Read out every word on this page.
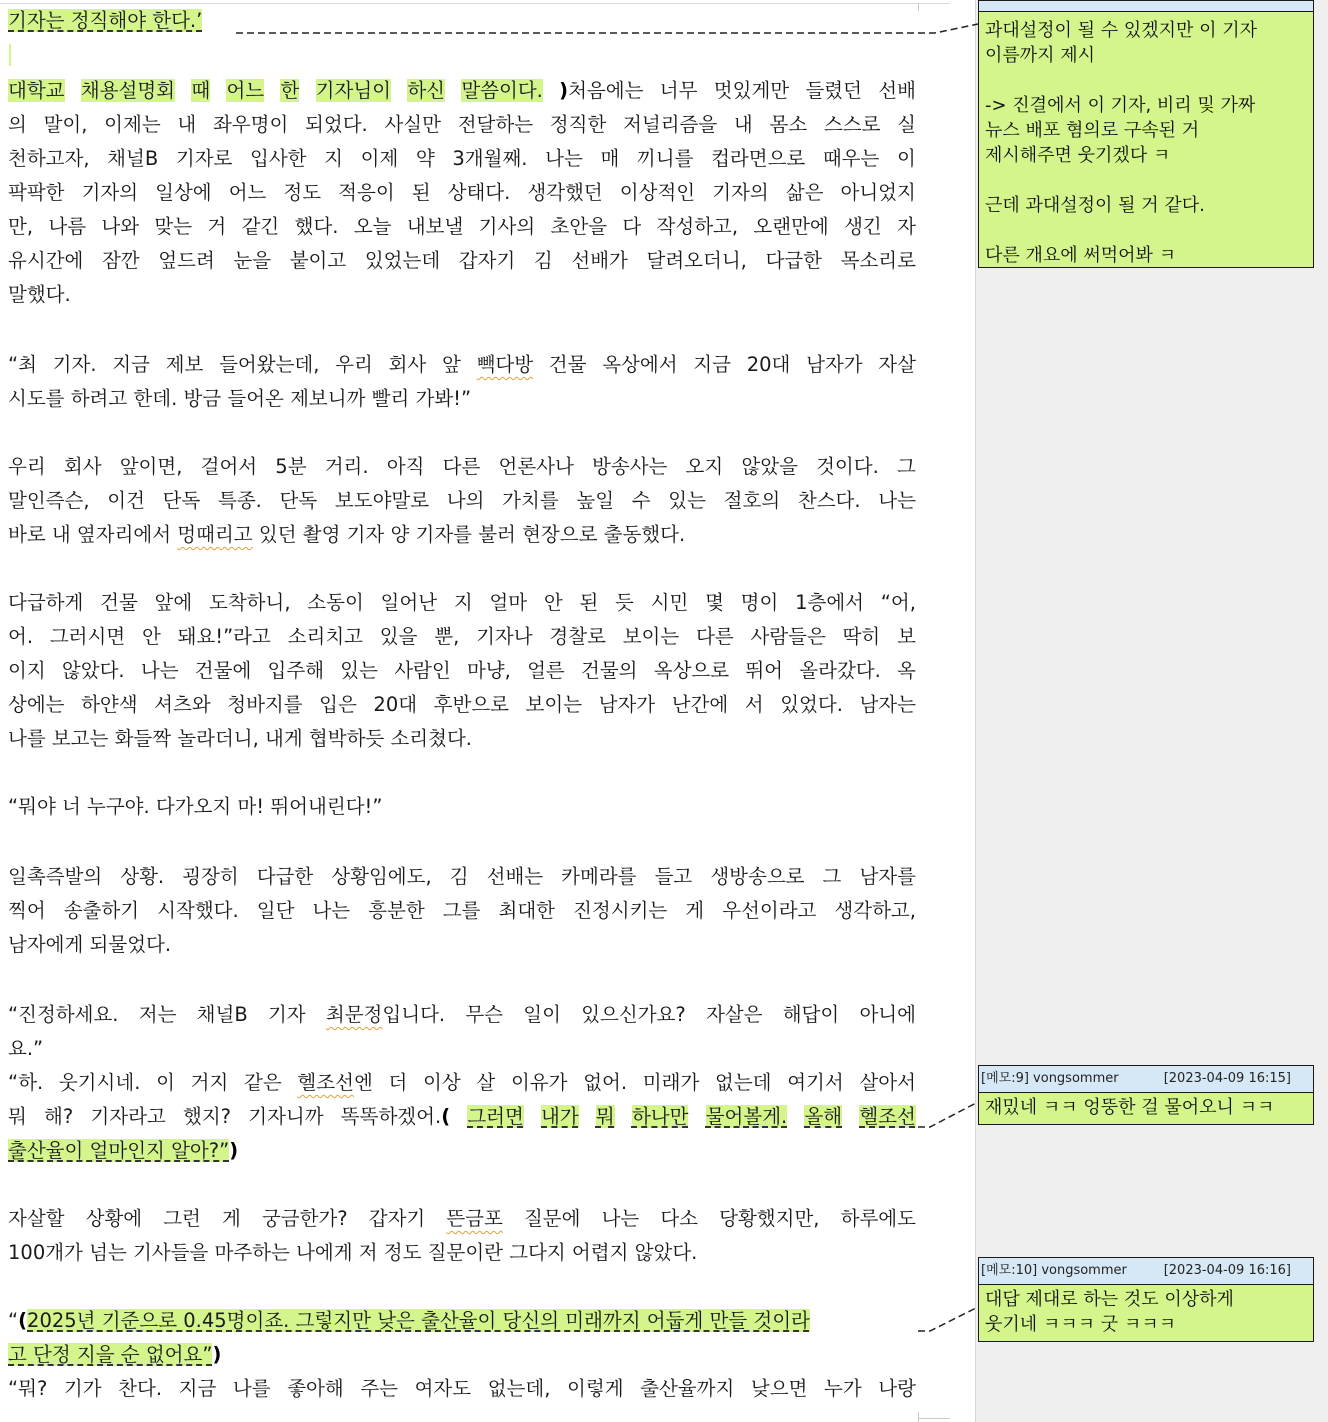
기자는 정직해야 한다.’
대학교 채용설명회 때 어느 한 기자님이 하신 말씀이다. )처음에는 너무 멋있게만 들렸던 선배
의 말이, 이제는 내 좌우명이 되었다. 사실만 전달하는 정직한 저널리즘을 내 몸소 스스로 실
천하고자, 채널B 기자로 입사한 지 이제 약 3개월째. 나는 매 끼니를 컵라면으로 때우는 이
팍팍한 기자의 일상에 어느 정도 적응이 된 상태다. 생각했던 이상적인 기자의 삶은 아니었지
만, 나름 나와 맞는 거 같긴 했다. 오늘 내보낼 기사의 초안을 다 작성하고, 오랜만에 생긴 자
유시간에 잠깐 엎드려 눈을 붙이고 있었는데 갑자기 김 선배가 달려오더니, 다급한 목소리로
말했다.
“최 기자. 지금 제보 들어왔는데, 우리 회사 앞 빽다방 건물 옥상에서 지금 20대 남자가 자살
시도를 하려고 한데. 방금 들어온 제보니까 빨리 가봐!”
우리 회사 앞이면, 걸어서 5분 거리. 아직 다른 언론사나 방송사는 오지 않았을 것이다. 그
말인즉슨, 이건 단독 특종. 단독 보도야말로 나의 가치를 높일 수 있는 절호의 찬스다. 나는
바로 내 옆자리에서 멍때리고 있던 촬영 기자 양 기자를 불러 현장으로 출동했다.
다급하게 건물 앞에 도착하니, 소동이 일어난 지 얼마 안 된 듯 시민 몇 명이 1층에서 “어,
어. 그러시면 안 돼요!”라고 소리치고 있을 뿐, 기자나 경찰로 보이는 다른 사람들은 딱히 보
이지 않았다. 나는 건물에 입주해 있는 사람인 마냥, 얼른 건물의 옥상으로 뛰어 올라갔다. 옥
상에는 하얀색 셔츠와 청바지를 입은 20대 후반으로 보이는 남자가 난간에 서 있었다. 남자는
나를 보고는 화들짝 놀라더니, 내게 협박하듯 소리쳤다.
“뭐야 너 누구야. 다가오지 마! 뛰어내린다!”
일촉즉발의 상황. 굉장히 다급한 상황임에도, 김 선배는 카메라를 들고 생방송으로 그 남자를
찍어 송출하기 시작했다. 일단 나는 흥분한 그를 최대한 진정시키는 게 우선이라고 생각하고,
남자에게 되물었다.
“진정하세요. 저는 채널B 기자 최문정입니다. 무슨 일이 있으신가요? 자살은 해답이 아니에
요.”
“하. 웃기시네. 이 거지 같은 헬조선엔 더 이상 살 이유가 없어. 미래가 없는데 여기서 살아서
뭐 해? 기자라고 했지? 기자니까 똑똑하겠어.( 그러면 내가 뭐 하나만 물어볼게. 올해 헬조선
출산율이 얼마인지 알아?”)
자살할 상황에 그런 게 궁금한가? 갑자기 뜬금포 질문에 나는 다소 당황했지만, 하루에도
100개가 넘는 기사들을 마주하는 나에게 저 정도 질문이란 그다지 어렵지 않았다.
“(2025년 기준으로 0.45명이죠. 그렇지만 낮은 출산율이 당신의 미래까지 어둡게 만들 것이라
고 단정 지을 순 없어요”)
“뭐? 기가 찬다. 지금 나를 좋아해 주는 여자도 없는데, 이렇게 출산율까지 낮으면 누가 나랑
과대설정이 될 수 있겠지만 이 기자
이름까지 제시

-> 진결에서 이 기자, 비리 및 가짜
뉴스 배포 혐의로 구속된 거
제시해주면 웃기겠다 ㅋ

근데 과대설정이 될 거 같다.

다른 개요에 써먹어봐 ㅋ
[메모:9] vongsommer	[2023-04-09 16:15]
재밌네 ㅋㅋ 엉뚱한 걸 물어오니 ㅋㅋ
[메모:10] vongsommer	[2023-04-09 16:16]
대답 제대로 하는 것도 이상하게
웃기네 ㅋㅋㅋ 굿 ㅋㅋㅋ
